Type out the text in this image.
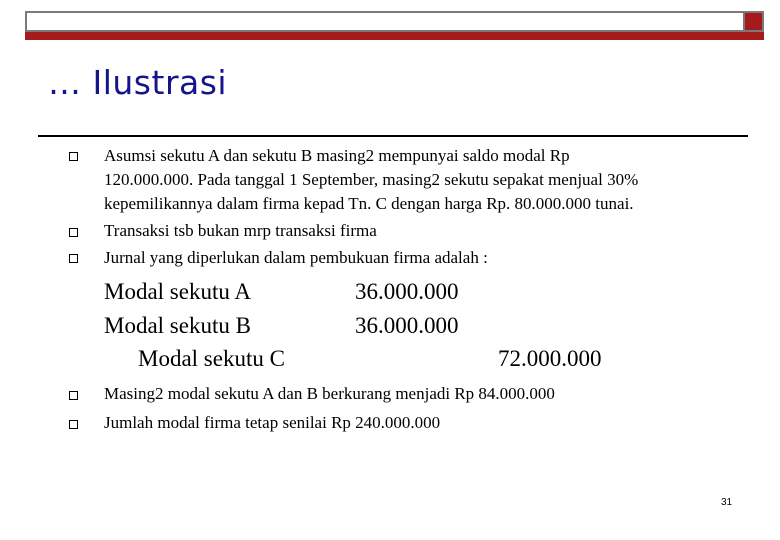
… Ilustrasi
Asumsi sekutu A dan sekutu B masing2 mempunyai saldo modal Rp
120.000.000. Pada tanggal 1 September, masing2 sekutu sepakat menjual 30%
kepemilikannya dalam firma kepad Tn. C dengan harga Rp. 80.000.000 tunai.
Transaksi tsb bukan mrp transaksi firma
Jurnal yang diperlukan dalam pembukuan firma adalah :
Modal sekutu A	36.000.000
Modal sekutu B	36.000.000
Modal sekutu C	72.000.000
Masing2 modal sekutu A dan B berkurang menjadi Rp 84.000.000
Jumlah modal firma tetap senilai Rp 240.000.000
31
